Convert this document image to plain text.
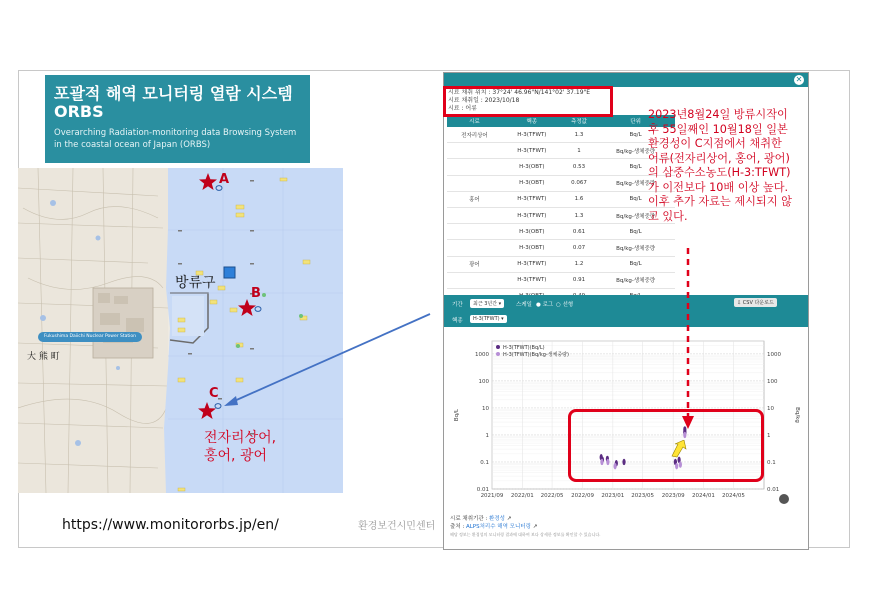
포괄적 해역 모니터링 열람 시스템
ORBS
Overarching Radiation-monitoring data Browsing System
in the coastal ocean of Japan (ORBS)
A
B
C
방류구
전자리상어,
홍어, 광어
Fukushima Daiichi Nuclear Power Station
大 熊 町
https://www.monitororbs.jp/en/	환경보건시민센터
✕
시료 채취 위치 : 37°24' 46.96"N/141°02' 37.19"E
시료 채취일 : 2023/10/18
시료 : 어류
시료	핵종	측정값	단위
전자리상어	H-3(TFWT)	1.3	Bq/L
	H-3(TFWT)	1	Bq/kg-생체중량
	H-3(OBT)	0.53	Bq/L
	H-3(OBT)	0.067	Bq/kg-생체중량
홍어	H-3(TFWT)	1.6	Bq/L
	H-3(TFWT)	1.3	Bq/kg-생체중량
	H-3(OBT)	0.61	Bq/L
	H-3(OBT)	0.07	Bq/kg-생체중량
광어	H-3(TFWT)	1.2	Bq/L
	H-3(TFWT)	0.91	Bq/kg-생체중량

기간	최근 3년간 ▾	스케일 ● 로그 ○ 선형	⇩ CSV 다운로드
핵종	H-3(TFWT) ▾
0.01	0.01
0.1	0.1
1	1
10	10
100	100
1000	1000
2021/09 2022/01 2022/05 2022/09 2023/01 2023/05 2023/09 2024/01 2024/05
Bq/L	Bq/kg
H-3(TFWT)(Bq/L)
H-3(TFWT)(Bq/kg-생체중량)
시료 채취기관 : 환경성 ↗
출처 : ALPS처리수 해역 모니터링 ↗
해당 정보는 환경성의 모니터링 결과에 대하여 보다 상세한 정보를 확인할 수 있습니다.
2023년8월24일 방류시작이후 55일째인 10월18일 일본 환경성이 C지점에서 채취한 어류(전자리상어, 홍어, 광어)의 삼중수소농도(H-3:TFWT)가 이전보다 10배 이상 높다. 이후 추가 자료는 제시되지 않고 있다.
